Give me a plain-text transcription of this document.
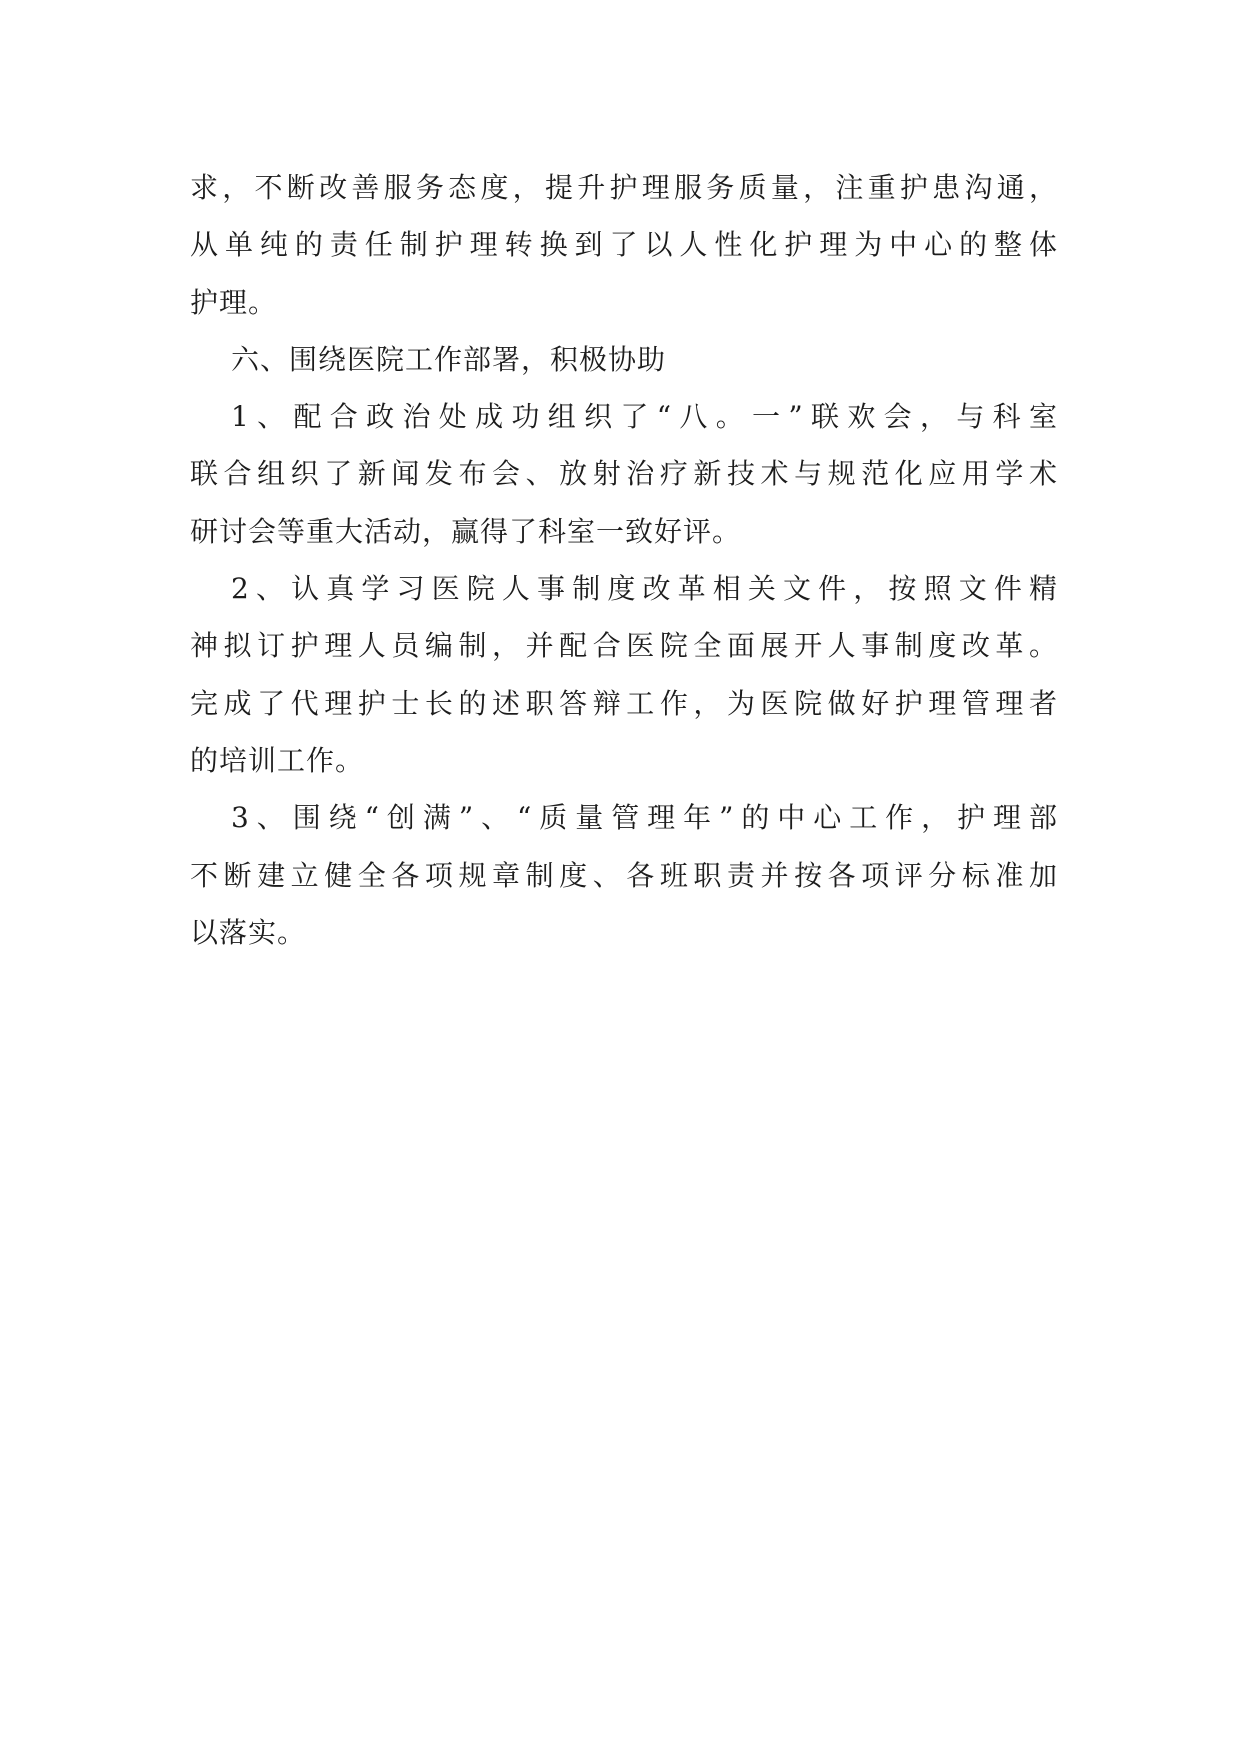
求，不断改善服务态度，提升护理服务质量，注重护患沟通，
从单纯的责任制护理转换到了以人性化护理为中心的整体
护理。
六、围绕医院工作部署，积极协助
1、配合政治处成功组织了“八。一”联欢会，与科室
联合组织了新闻发布会、放射治疗新技术与规范化应用学术
研讨会等重大活动，赢得了科室一致好评。
2、认真学习医院人事制度改革相关文件，按照文件精
神拟订护理人员编制，并配合医院全面展开人事制度改革。
完成了代理护士长的述职答辩工作，为医院做好护理管理者
的培训工作。
3、围绕“创满”、“质量管理年”的中心工作，护理部
不断建立健全各项规章制度、各班职责并按各项评分标准加
以落实。
